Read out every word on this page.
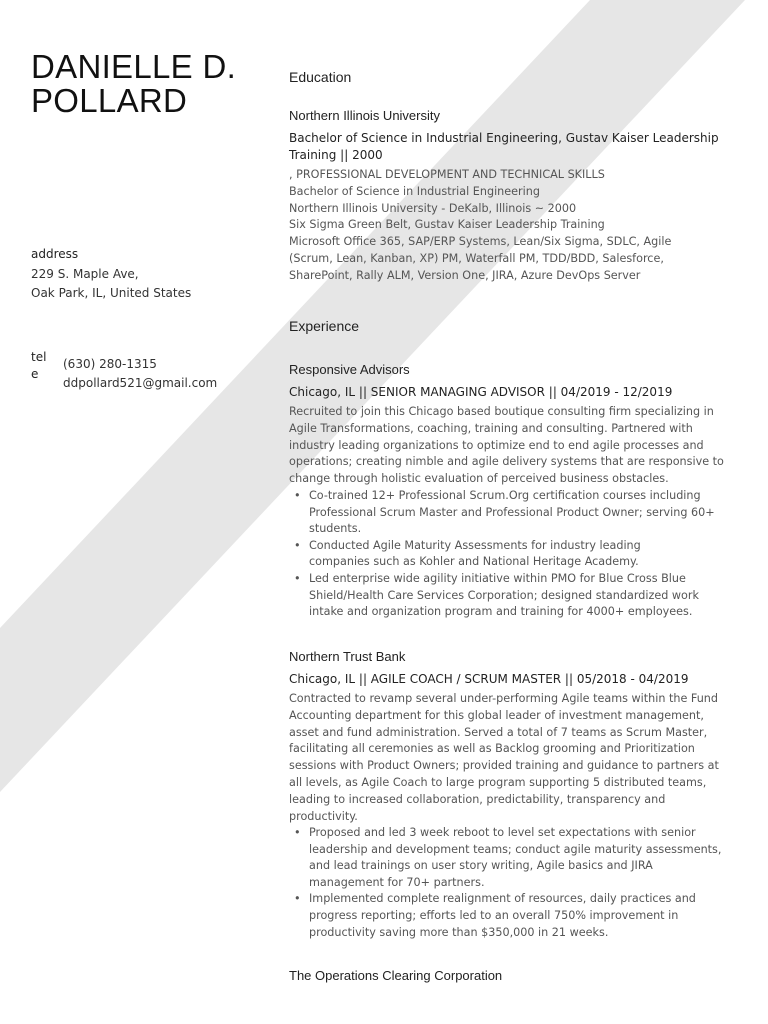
DANIELLE D.
POLLARD
address
229 S. Maple Ave,
Oak Park, IL, United States
tel
e
(630) 280-1315
ddpollard521@gmail.com
Education
Northern Illinois University
Bachelor of Science in Industrial Engineering, Gustav Kaiser Leadership
Training || 2000
, PROFESSIONAL DEVELOPMENT AND TECHNICAL SKILLS
Bachelor of Science in Industrial Engineering
Northern Illinois University - DeKalb, Illinois ~ 2000
Six Sigma Green Belt, Gustav Kaiser Leadership Training
Microsoft Office 365, SAP/ERP Systems, Lean/Six Sigma, SDLC, Agile
(Scrum, Lean, Kanban, XP) PM, Waterfall PM, TDD/BDD, Salesforce,
SharePoint, Rally ALM, Version One, JIRA, Azure DevOps Server
Experience
Responsive Advisors
Chicago, IL || SENIOR MANAGING ADVISOR || 04/2019 - 12/2019
Recruited to join this Chicago based boutique consulting firm specializing in
Agile Transformations, coaching, training and consulting. Partnered with
industry leading organizations to optimize end to end agile processes and
operations; creating nimble and agile delivery systems that are responsive to
change through holistic evaluation of perceived business obstacles.
• Co-trained 12+ Professional Scrum.Org certification courses including
Professional Scrum Master and Professional Product Owner; serving 60+
students.
• Conducted Agile Maturity Assessments for industry leading
companies such as Kohler and National Heritage Academy.
• Led enterprise wide agility initiative within PMO for Blue Cross Blue
Shield/Health Care Services Corporation; designed standardized work
intake and organization program and training for 4000+ employees.
Northern Trust Bank
Chicago, IL || AGILE COACH / SCRUM MASTER || 05/2018 - 04/2019
Contracted to revamp several under-performing Agile teams within the Fund
Accounting department for this global leader of investment management,
asset and fund administration. Served a total of 7 teams as Scrum Master,
facilitating all ceremonies as well as Backlog grooming and Prioritization
sessions with Product Owners; provided training and guidance to partners at
all levels, as Agile Coach to large program supporting 5 distributed teams,
leading to increased collaboration, predictability, transparency and
productivity.
• Proposed and led 3 week reboot to level set expectations with senior
leadership and development teams; conduct agile maturity assessments,
and lead trainings on user story writing, Agile basics and JIRA
management for 70+ partners.
• Implemented complete realignment of resources, daily practices and
progress reporting; efforts led to an overall 750% improvement in
productivity saving more than $350,000 in 21 weeks.
The Operations Clearing Corporation
